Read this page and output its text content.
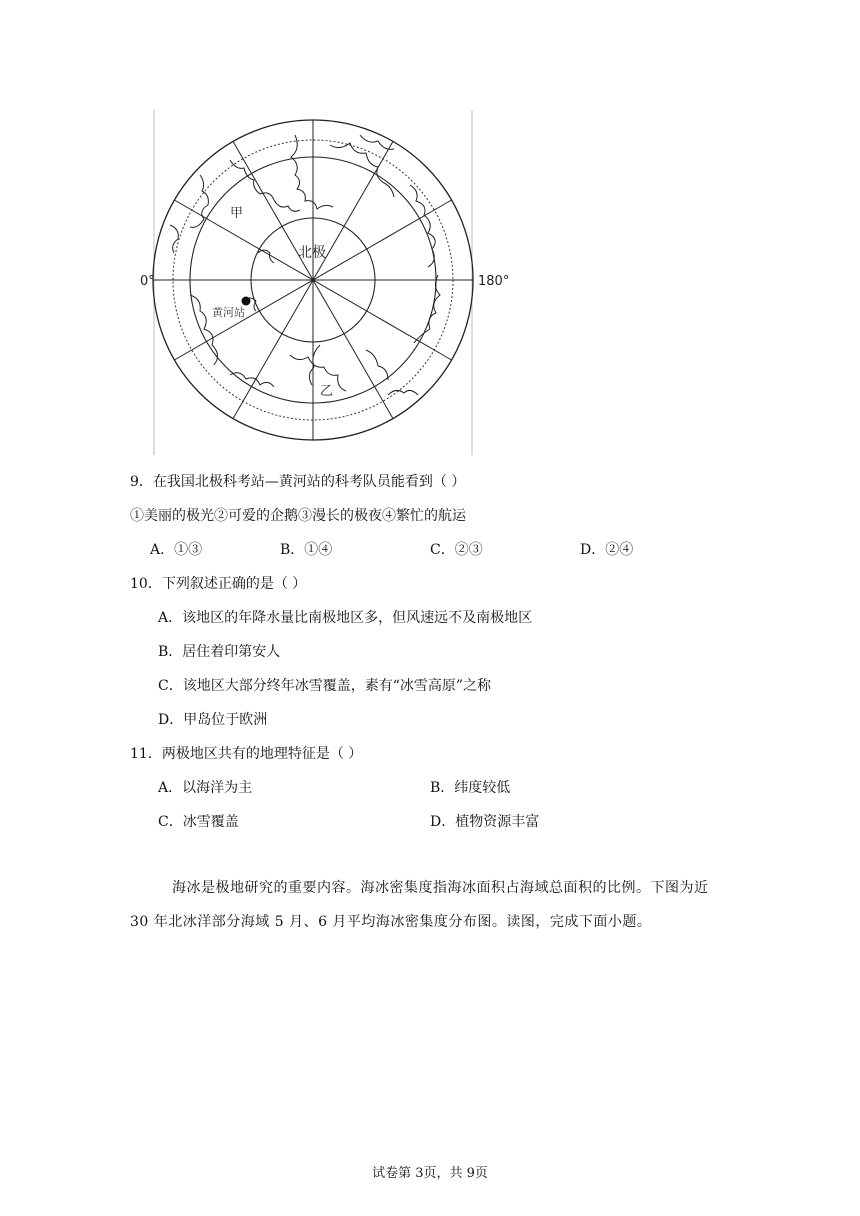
0°	180°
北极
甲
乙
黄河站
9．在我国北极科考站—黄河站的科考队员能看到（ ）
①美丽的极光②可爱的企鹅③漫长的极夜④繁忙的航运
A．①③	B．①④	C．②③	D．②④
10．下列叙述正确的是（ ）
A．该地区的年降水量比南极地区多，但风速远不及南极地区
B．居住着印第安人
C．该地区大部分终年冰雪覆盖，素有“冰雪高原”之称
D．甲岛位于欧洲
11．两极地区共有的地理特征是（ ）
A．以海洋为主	B．纬度较低
C．冰雪覆盖	D．植物资源丰富
海冰是极地研究的重要内容。海冰密集度指海冰面积占海域总面积的比例。下图为近
30 年北冰洋部分海域 5 月、6 月平均海冰密集度分布图。读图，完成下面小题。
试卷第 3页，共 9页
